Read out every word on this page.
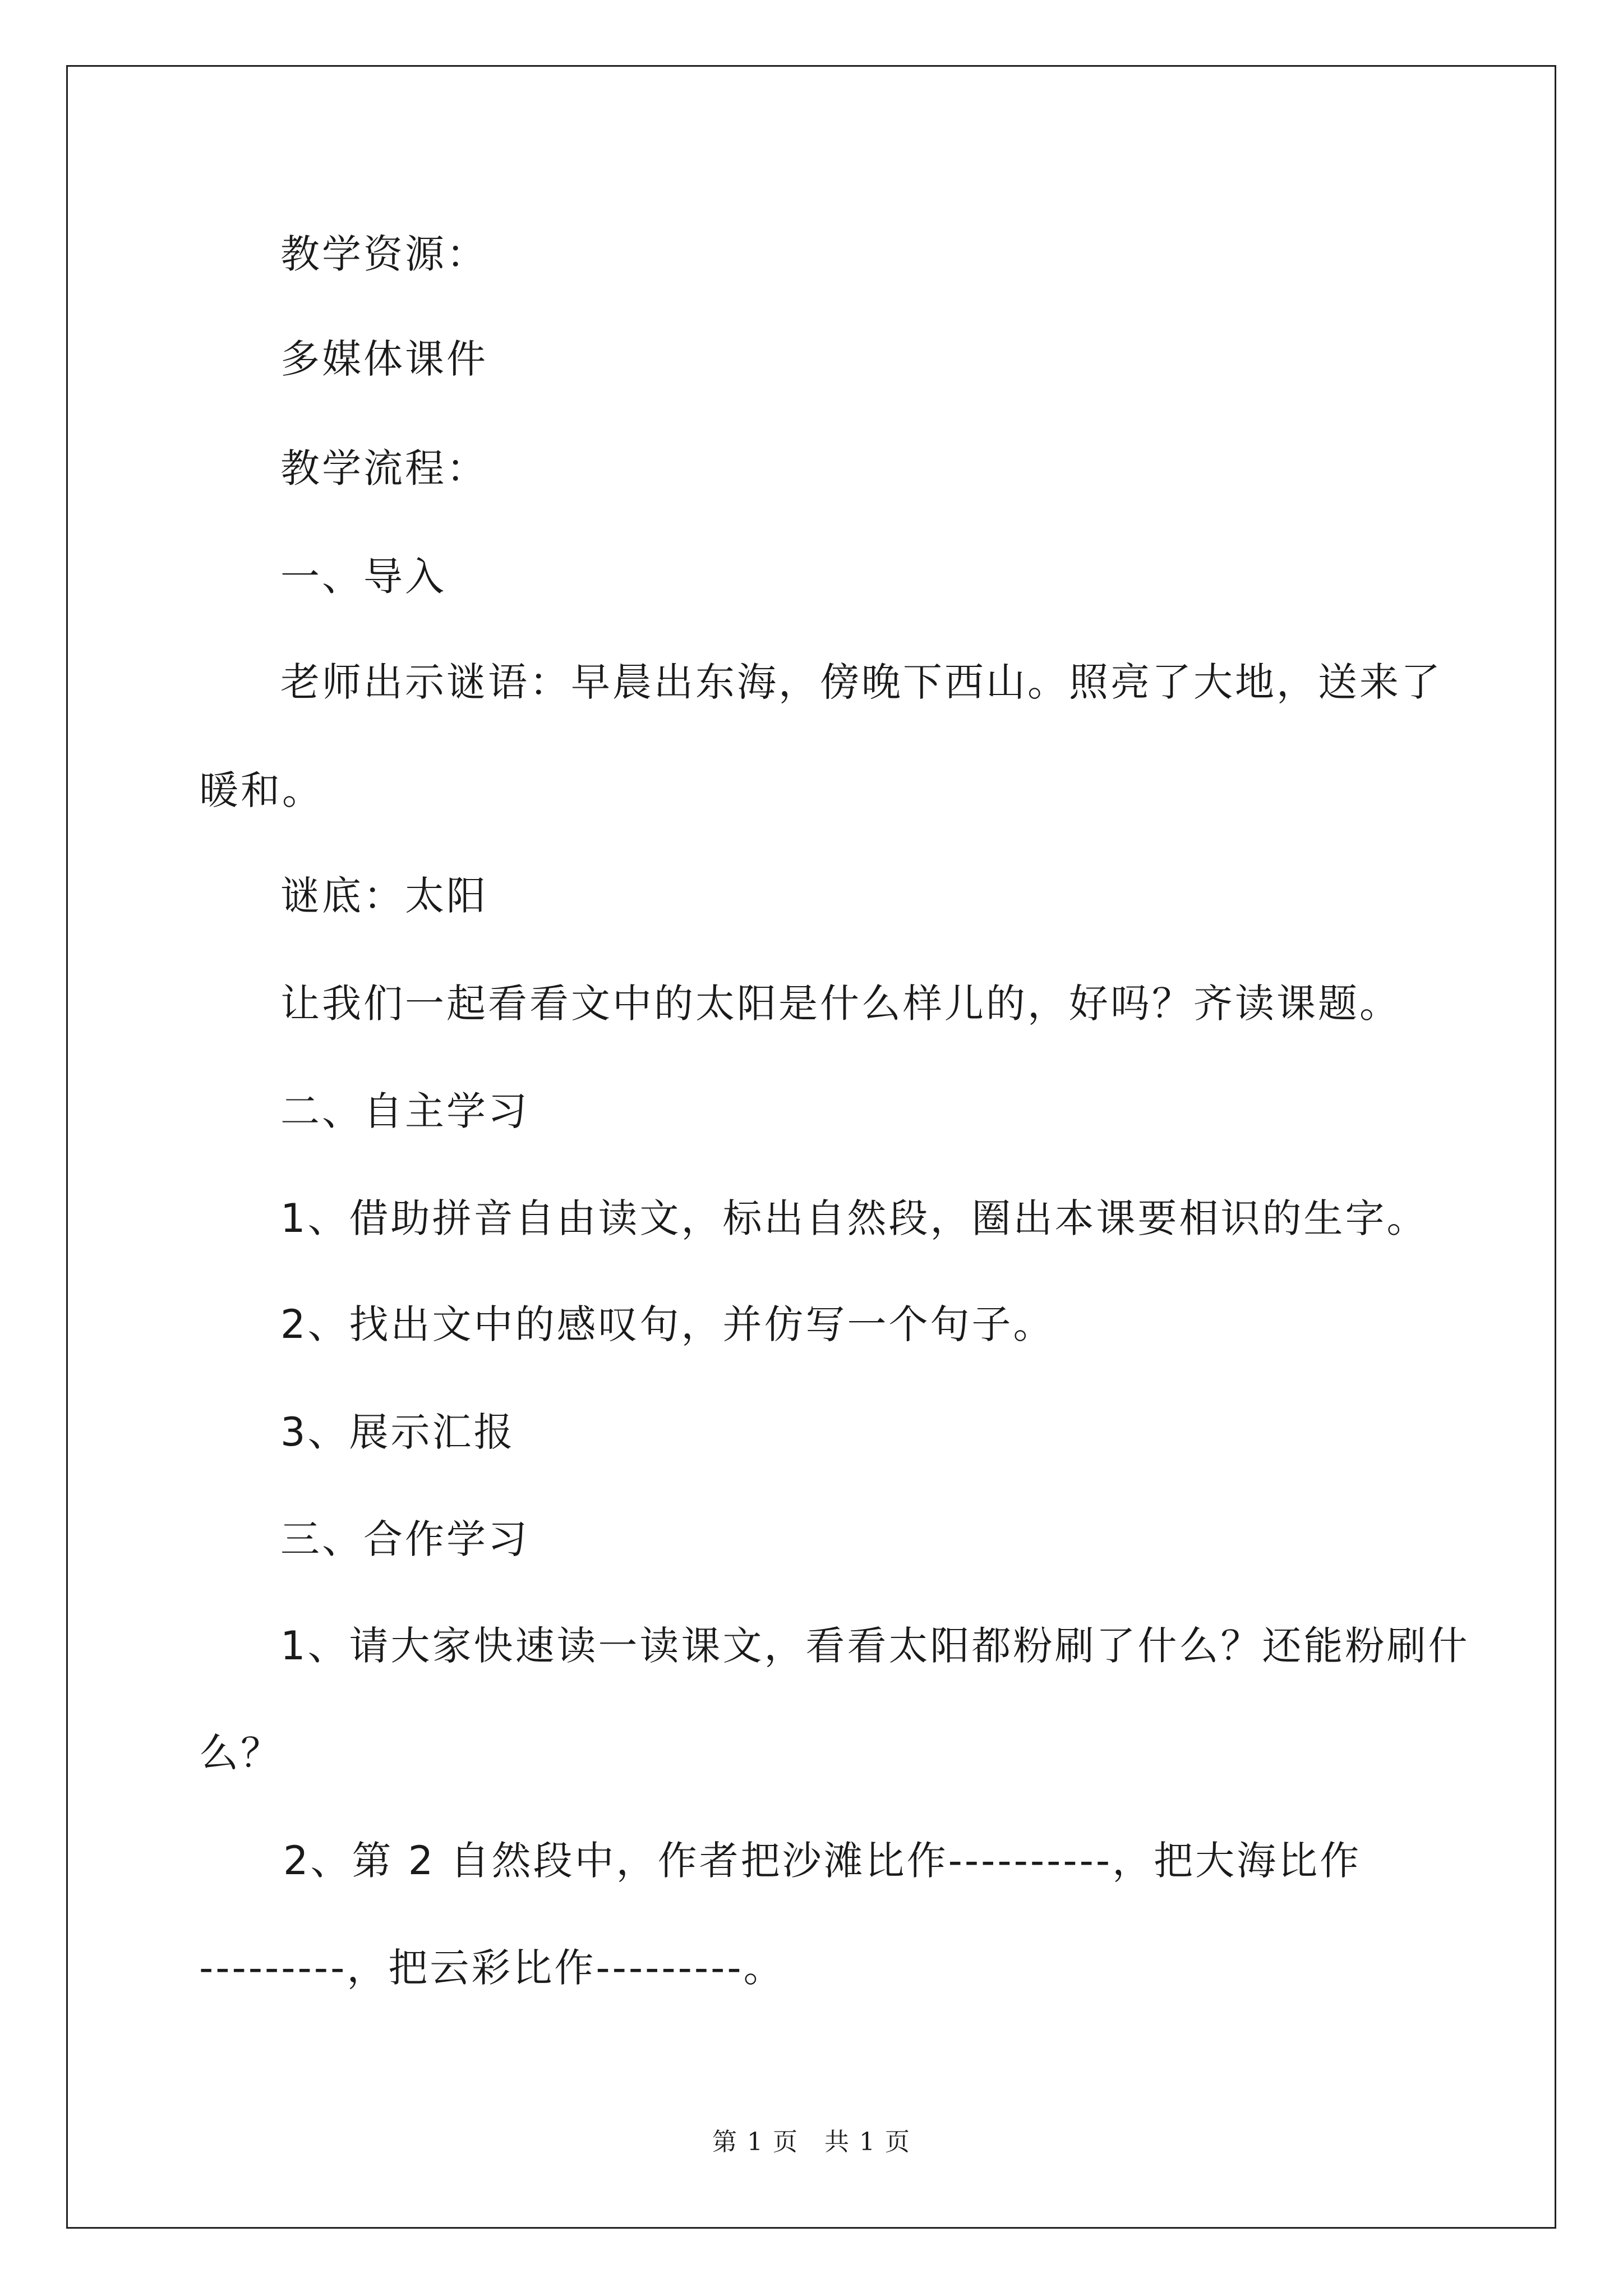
教学资源：
多媒体课件
教学流程：
一、导入
老师出示谜语：早晨出东海，傍晚下西山。照亮了大地，送来了
暖和。
谜底：太阳
让我们一起看看文中的太阳是什么样儿的，好吗？齐读课题。
二、自主学习
1、借助拼音自由读文，标出自然段，圈出本课要相识的生字。
2、找出文中的感叹句，并仿写一个句子。
3、展示汇报
三、合作学习
1、请大家快速读一读课文，看看太阳都粉刷了什么？还能粉刷什
么？
2、第 2 自然段中，作者把沙滩比作----------，把大海比作
---------，把云彩比作---------。
第 1 页　共 1 页
